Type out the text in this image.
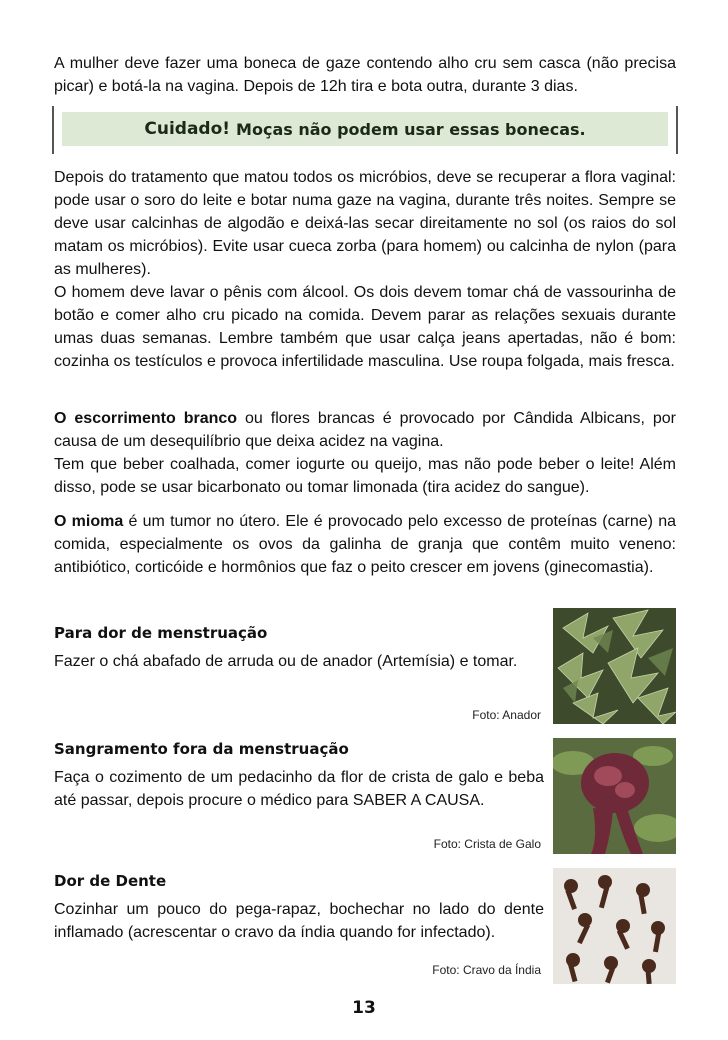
A mulher deve fazer uma boneca de gaze contendo alho cru sem casca (não precisa picar) e botá-la na vagina. Depois de 12h tira e bota outra, durante 3 dias.

Cuidado! Moças não podem usar essas bonecas.

Depois do tratamento que matou todos os micróbios, deve se recuperar a flora vaginal: pode usar o soro do leite e botar numa gaze na vagina, durante três noites. Sempre se deve usar calcinhas de algodão e deixá-las secar direitamente no sol (os raios do sol matam os micróbios). Evite usar cueca zorba (para homem) ou calcinha de nylon (para as mulheres).

O homem deve lavar o pênis com álcool. Os dois devem tomar chá de vassourinha de botão e comer alho cru picado na comida. Devem parar as relações sexuais durante umas duas semanas. Lembre também que usar calça jeans apertadas, não é bom: cozinha os testículos e provoca infertilidade masculina. Use roupa folgada, mais fresca.

O escorrimento branco ou flores brancas é provocado por Cândida Albicans, por causa de um desequilíbrio que deixa acidez na vagina.

Tem que beber coalhada, comer iogurte ou queijo, mas não pode beber o leite! Além disso, pode se usar bicarbonato ou tomar limonada (tira acidez do sangue).

O mioma é um tumor no útero. Ele é provocado pelo excesso de proteínas (carne) na comida, especialmente os ovos da galinha de granja que contêm muito veneno: antibiótico, corticóide e hormônios que faz o peito crescer em jovens (ginecomastia).

Para dor de menstruação

Fazer o chá abafado de arruda ou de anador (Artemísia) e tomar.

Foto: Anador
Sangramento fora da menstruação

Faça o cozimento de um pedacinho da flor de crista de galo e beba até passar, depois procure o médico para SABER A CAUSA.

Foto: Crista de Galo
Dor de Dente

Cozinhar um pouco do pega-rapaz, bochechar no lado do dente inflamado (acrescentar o cravo da índia quando for infectado).

Foto: Cravo da Índia
13
